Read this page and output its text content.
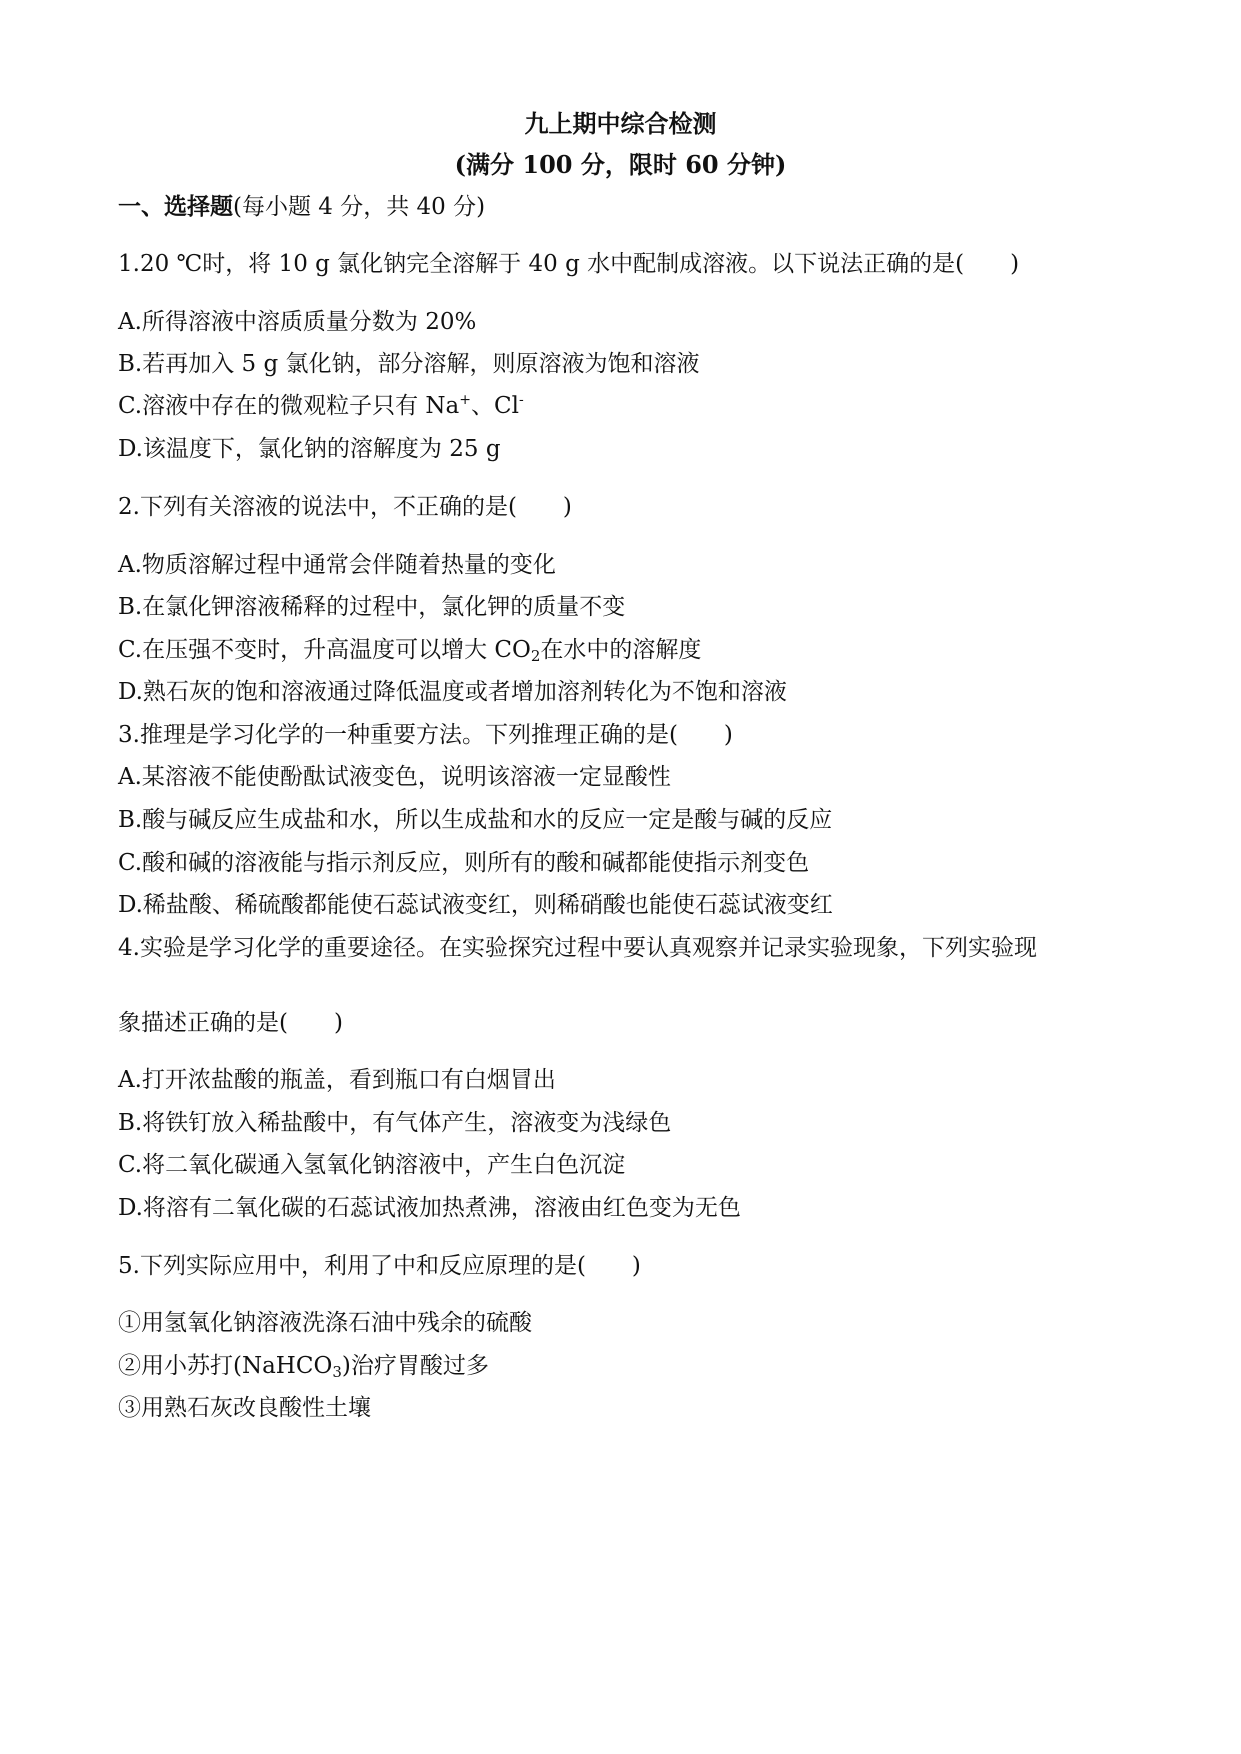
九上期中综合检测
(满分 100 分，限时 60 分钟)
一、选择题(每小题 4 分，共 40 分)
1.20 ℃时，将 10 g 氯化钠完全溶解于 40 g 水中配制成溶液。以下说法正确的是(　　)
A.所得溶液中溶质质量分数为 20%
B.若再加入 5 g 氯化钠，部分溶解，则原溶液为饱和溶液
C.溶液中存在的微观粒子只有 Na+、Cl-
D.该温度下，氯化钠的溶解度为 25 g
2.下列有关溶液的说法中，不正确的是(　　)
A.物质溶解过程中通常会伴随着热量的变化
B.在氯化钾溶液稀释的过程中，氯化钾的质量不变
C.在压强不变时，升高温度可以增大 $CO_2$在水中的溶解度
D.熟石灰的饱和溶液通过降低温度或者增加溶剂转化为不饱和溶液
3.推理是学习化学的一种重要方法。下列推理正确的是(　　)
A.某溶液不能使酚酞试液变色，说明该溶液一定显酸性
B.酸与碱反应生成盐和水，所以生成盐和水的反应一定是酸与碱的反应
C.酸和碱的溶液能与指示剂反应，则所有的酸和碱都能使指示剂变色
D.稀盐酸、稀硫酸都能使石蕊试液变红，则稀硝酸也能使石蕊试液变红
4.实验是学习化学的重要途径。在实验探究过程中要认真观察并记录实验现象，下列实验现
象描述正确的是(　　)
A.打开浓盐酸的瓶盖，看到瓶口有白烟冒出
B.将铁钉放入稀盐酸中，有气体产生，溶液变为浅绿色
C.将二氧化碳通入氢氧化钠溶液中，产生白色沉淀
D.将溶有二氧化碳的石蕊试液加热煮沸，溶液由红色变为无色
5.下列实际应用中，利用了中和反应原理的是(　　)
①用氢氧化钠溶液洗涤石油中残余的硫酸
②用小苏打(NaHCO$_3$)治疗胃酸过多
③用熟石灰改良酸性土壤
